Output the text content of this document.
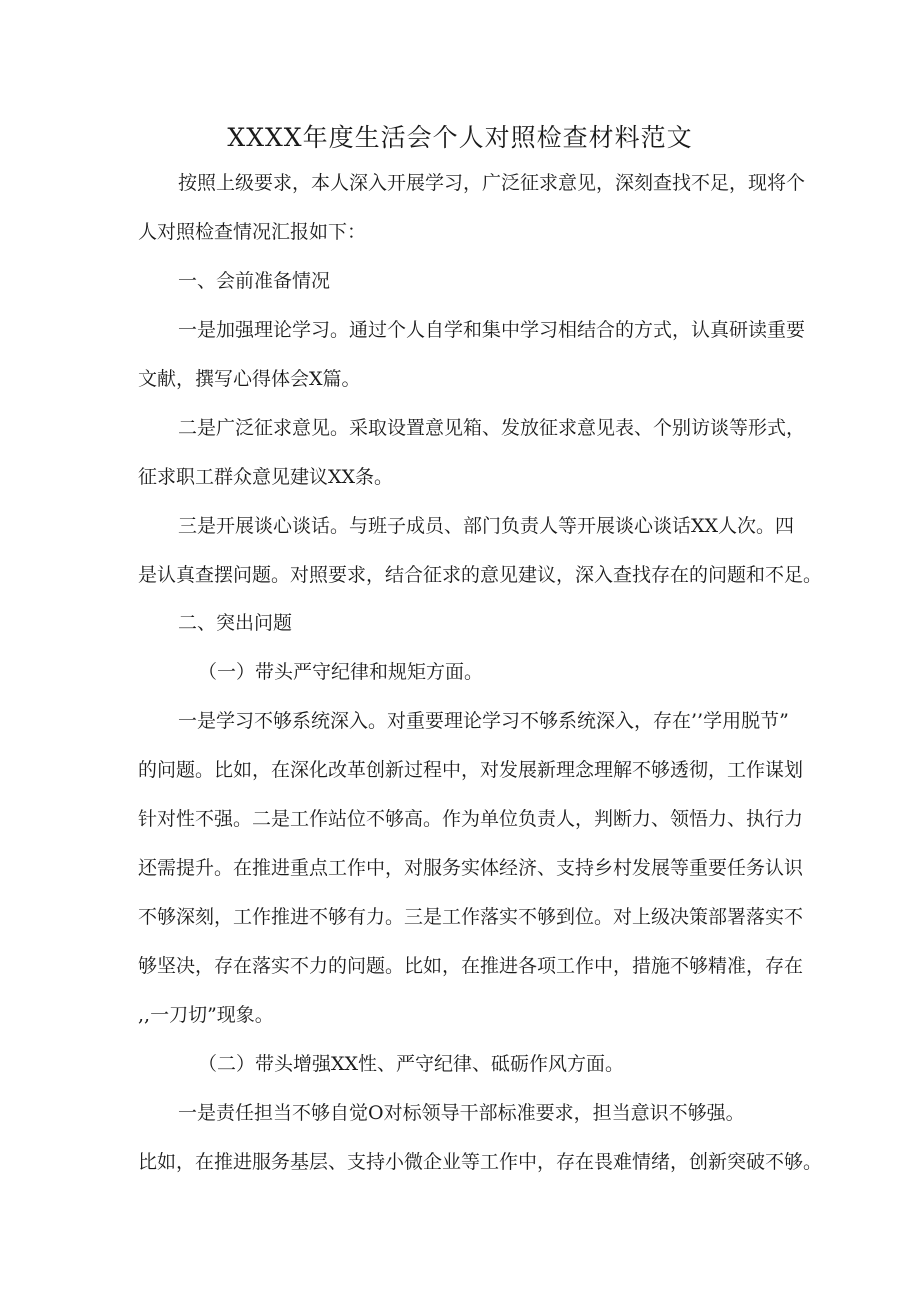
XXXX年度生活会个人对照检查材料范文
按照上级要求，本人深入开展学习，广泛征求意见，深刻查找不足，现将个
人对照检查情况汇报如下：
一、会前准备情况
一是加强理论学习。通过个人自学和集中学习相结合的方式，认真研读重要
文献，撰写心得体会X篇。
二是广泛征求意见。采取设置意见箱、发放征求意见表、个别访谈等形式，
征求职工群众意见建议XX条。
三是开展谈心谈话。与班子成员、部门负责人等开展谈心谈话XX人次。四
是认真查摆问题。对照要求，结合征求的意见建议，深入查找存在的问题和不足。
二、突出问题
（一）带头严守纪律和规矩方面。
一是学习不够系统深入。对重要理论学习不够系统深入，存在’’学用脱节”
的问题。比如，在深化改革创新过程中，对发展新理念理解不够透彻，工作谋划
针对性不强。二是工作站位不够高。作为单位负责人，判断力、领悟力、执行力
还需提升。在推进重点工作中，对服务实体经济、支持乡村发展等重要任务认识
不够深刻，工作推进不够有力。三是工作落实不够到位。对上级决策部署落实不
够坚决，存在落实不力的问题。比如，在推进各项工作中，措施不够精准，存在
,,一刀切”现象。
（二）带头增强XX性、严守纪律、砥砺作风方面。
一是责任担当不够自觉O对标领导干部标准要求，担当意识不够强。
比如，在推进服务基层、支持小微企业等工作中，存在畏难情绪，创新突破不够。
